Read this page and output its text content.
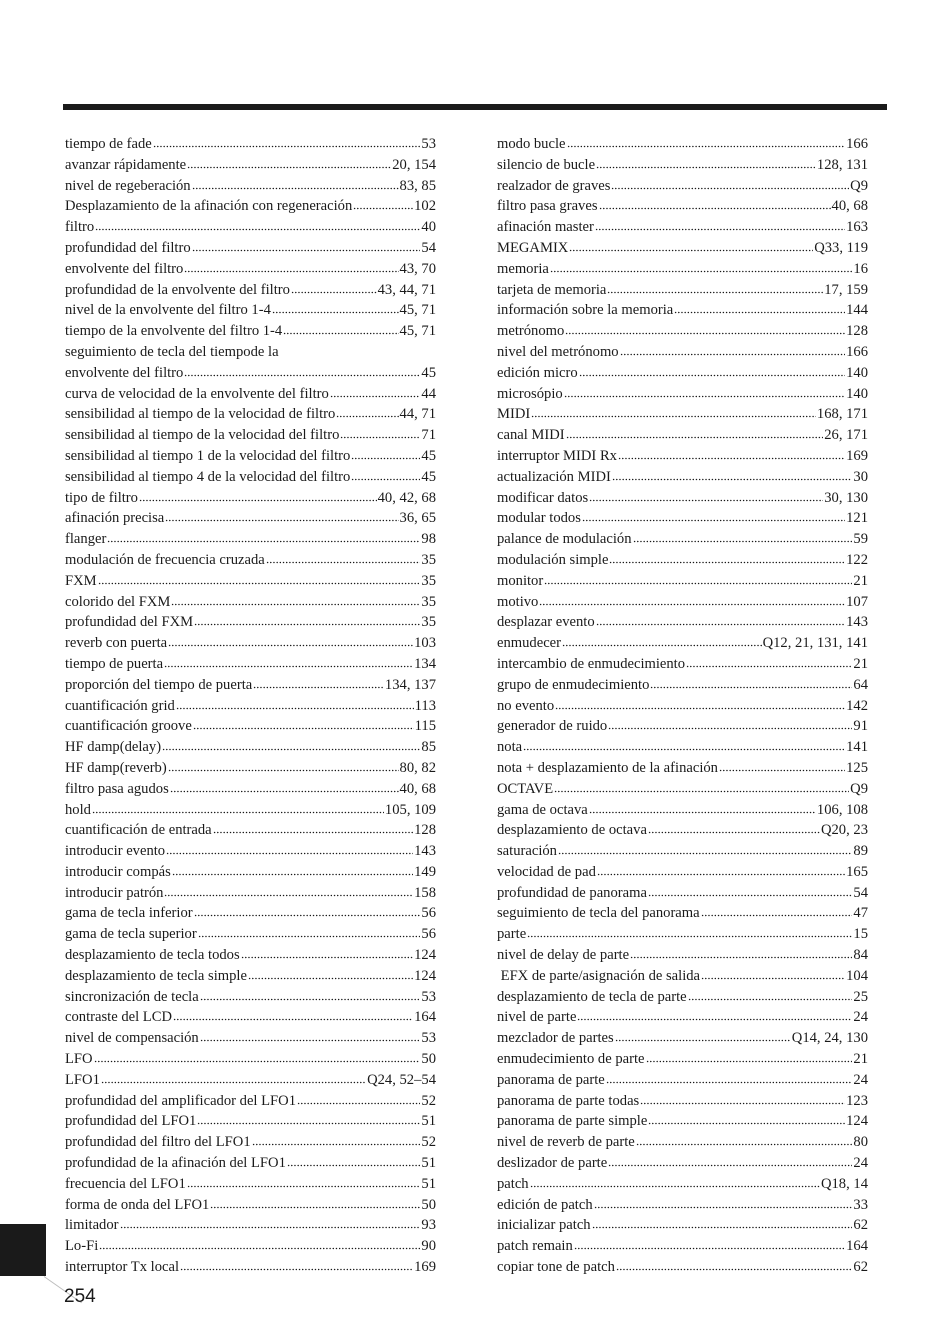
tiempo de fade	53
avanzar rápidamente	20, 154
nivel de regeberación	83, 85
Desplazamiento de la afinación con regeneración	102
filtro	40
profundidad del filtro	54
envolvente del filtro	43, 70
profundidad de la envolvente del filtro	43, 44, 71
nivel de la envolvente del filtro 1-4	45, 71
tiempo de la envolvente del filtro 1-4	45, 71
seguimiento de tecla del tiempode la
envolvente del filtro	45
curva de velocidad de la envolvente del filtro	44
sensibilidad al tiempo de la velocidad de filtro	44, 71
sensibilidad al tiempo de la velocidad del filtro	71
sensibilidad al tiempo 1 de la velocidad del filtro	45
sensibilidad al tiempo 4 de la velocidad del filtro	45
tipo de filtro	40, 42, 68
afinación precisa	36, 65
flanger	98
modulación de frecuencia cruzada	35
FXM	35
colorido del FXM	35
profundidad del FXM	35
reverb con puerta	103
tiempo de puerta	134
proporción del tiempo de puerta	134, 137
cuantificación grid	113
cuantificación groove	115
HF damp(delay)	85
HF damp(reverb)	80, 82
filtro pasa agudos	40, 68
hold	105, 109
cuantificación de entrada	128
introducir evento	143
introducir compás	149
introducir patrón	158
gama de tecla inferior	56
gama de tecla superior	56
desplazamiento de tecla todos	124
desplazamiento de tecla simple	124
sincronización de tecla	53
contraste del LCD	164
nivel de compensación	53
LFO	50
LFO1	Q24, 52–54
profundidad del amplificador del LFO1	52
profundidad del LFO1	51
profundidad del filtro del LFO1	52
profundidad de la afinación del LFO1	51
frecuencia del LFO1	51
forma de onda del LFO1	50
limitador	93
Lo-Fi	90
interruptor Tx local	169
modo bucle	166
silencio de bucle	128, 131
realzador de graves	Q9
filtro pasa graves	40, 68
afinación master	163
MEGAMIX	Q33, 119
memoria	16
tarjeta de memoria	17, 159
información sobre la memoria	144
metrónomo	128
nivel del metrónomo	166
edición micro	140
microsópio	140
MIDI	168, 171
canal MIDI	26, 171
interruptor MIDI Rx	169
actualización MIDI	30
modificar datos	30, 130
modular todos	121
palance de modulación	59
modulación simple	122
monitor	21
motivo	107
desplazar evento	143
enmudecer	Q12, 21, 131, 141
intercambio de enmudecimiento	21
grupo de enmudecimiento	64
no evento	142
generador de ruido	91
nota	141
nota + desplazamiento de la afinación	125
OCTAVE	Q9
gama de octava	106, 108
desplazamiento de octava	Q20, 23
saturación	89
velocidad de pad	165
profundidad de panorama	54
seguimiento de tecla del panorama	47
parte	15
nivel de delay de parte	84
EFX de parte/asignación de salida	104
desplazamiento de tecla de parte	25
nivel de parte	24
mezclador de partes	Q14, 24, 130
enmudecimiento de parte	21
panorama de parte	24
panorama de parte todas	123
panorama de parte simple	124
nivel de reverb de parte	80
deslizador de parte	24
patch	Q18, 14
edición de patch	33
inicializar patch	62
patch remain	164
copiar tone de patch	62
254
